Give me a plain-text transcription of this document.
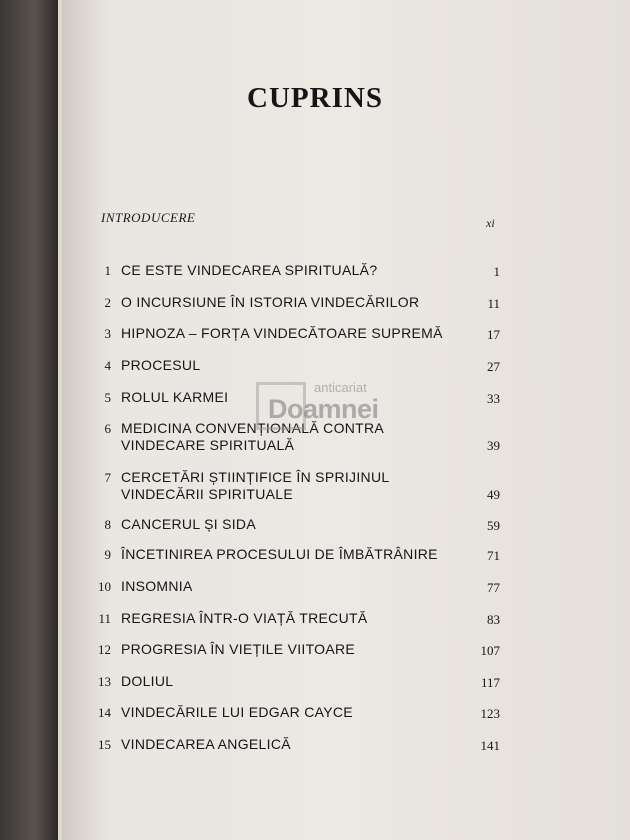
CUPRINS
INTRODUCERE	xi
1 CE ESTE VINDECAREA SPIRITUALĂ?	1
2 O INCURSIUNE ÎN ISTORIA VINDECĂRILOR	11
3 HIPNOZA – FORȚA VINDECĂTOARE SUPREMĂ	17
4 PROCESUL	27
5 ROLUL KARMEI	33
6 MEDICINA CONVENȚIONALĂ CONTRA VINDECARE SPIRITUALĂ	39
7 CERCETĂRI ȘTIINȚIFICE ÎN SPRIJINUL VINDECĂRII SPIRITUALE	49
8 CANCERUL ȘI SIDA	59
9 ÎNCETINIREA PROCESULUI DE ÎMBĂTRÂNIRE	71
10 INSOMNIA	77
11 REGRESIA ÎNTR-O VIAȚĂ TRECUTĂ	83
12 PROGRESIA ÎN VIEȚILE VIITOARE	107
13 DOLIUL	117
14 VINDECĂRILE LUI EDGAR CAYCE	123
15 VINDECAREA ANGELICĂ	141
anticariat
Doamnei
